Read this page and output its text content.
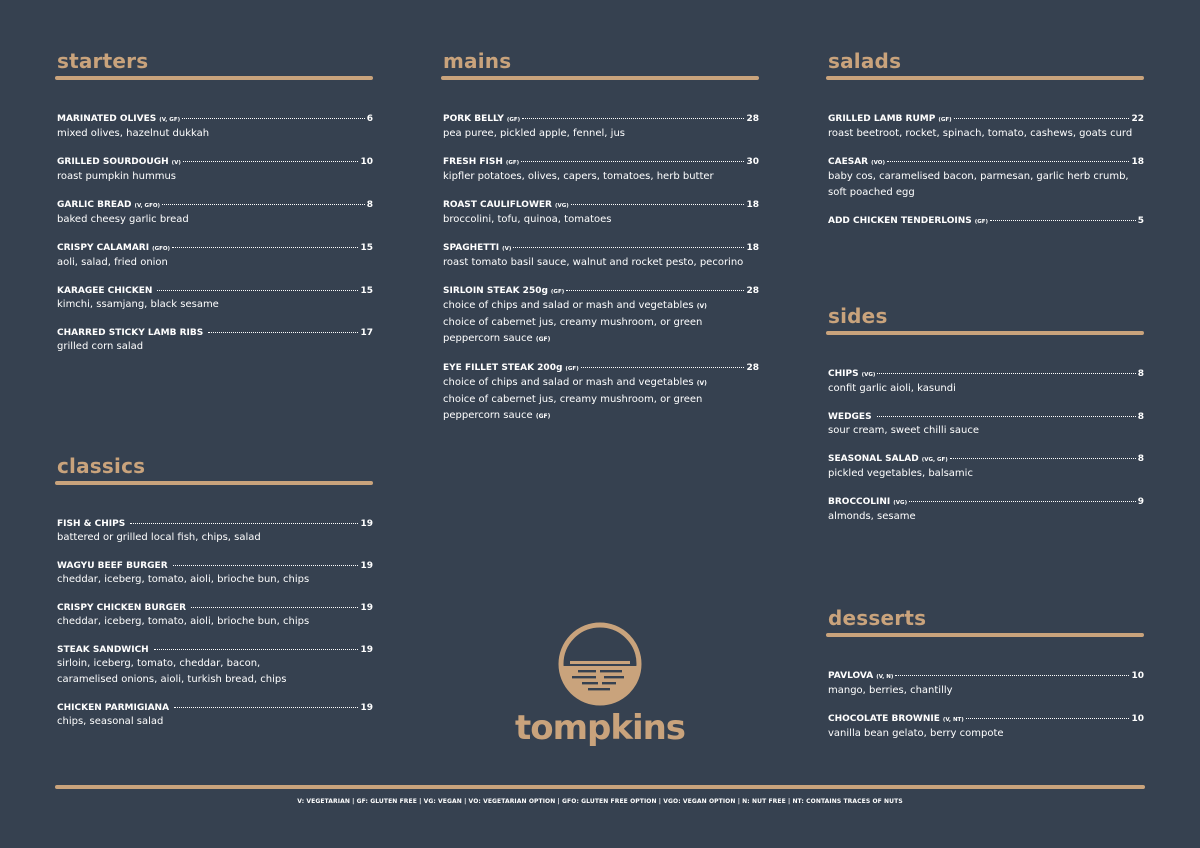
starters
MARINATED OLIVES (V, GF)	6
mixed olives, hazelnut dukkah
GRILLED SOURDOUGH (V)	10
roast pumpkin hummus
GARLIC BREAD (V, GFO)	8
baked cheesy garlic bread
CRISPY CALAMARI (GFO)	15
aoli, salad, fried onion
KARAGEE CHICKEN	15
kimchi, ssamjang, black sesame
CHARRED STICKY LAMB RIBS	17
grilled corn salad
classics
FISH & CHIPS	19
battered or grilled local fish, chips, salad
WAGYU BEEF BURGER	19
cheddar, iceberg, tomato, aioli, brioche bun, chips
CRISPY CHICKEN BURGER	19
cheddar, iceberg, tomato, aioli, brioche bun, chips
STEAK SANDWICH	19
sirloin, iceberg, tomato, cheddar, bacon, caramelised onions, aioli, turkish bread, chips
CHICKEN PARMIGIANA	19
chips, seasonal salad
mains
PORK BELLY (GF)	28
pea puree, pickled apple, fennel, jus
FRESH FISH (GF)	30
kipfler potatoes, olives, capers, tomatoes, herb butter
ROAST CAULIFLOWER (VG)	18
broccolini, tofu, quinoa, tomatoes
SPAGHETTI (V)	18
roast tomato basil sauce, walnut and rocket pesto, pecorino
SIRLOIN STEAK 250g (GF)	28
choice of chips and salad or mash and vegetables (V)
choice of cabernet jus, creamy mushroom, or green peppercorn sauce (GF)
EYE FILLET STEAK 200g (GF)	28
choice of chips and salad or mash and vegetables (V)
choice of cabernet jus, creamy mushroom, or green peppercorn sauce (GF)
salads
GRILLED LAMB RUMP (GF)	22
roast beetroot, rocket, spinach, tomato, cashews, goats curd
CAESAR (VO)	18
baby cos, caramelised bacon, parmesan, garlic herb crumb, soft poached egg
ADD CHICKEN TENDERLOINS (GF)	5
sides
CHIPS (VG)	8
confit garlic aioli, kasundi
WEDGES	8
sour cream, sweet chilli sauce
SEASONAL SALAD (VG, GF)	8
pickled vegetables, balsamic
BROCCOLINI (VG)	9
almonds, sesame
desserts
PAVLOVA (V, N)	10
mango, berries, chantilly
CHOCOLATE BROWNIE (V, NT)	10
vanilla bean gelato, berry compote
tompkins
V: VEGETARIAN | GF: GLUTEN FREE | VG: VEGAN | VO: VEGETARIAN OPTION | GFO: GLUTEN FREE OPTION | VGO: VEGAN OPTION | N: NUT FREE | NT: CONTAINS TRACES OF NUTS
